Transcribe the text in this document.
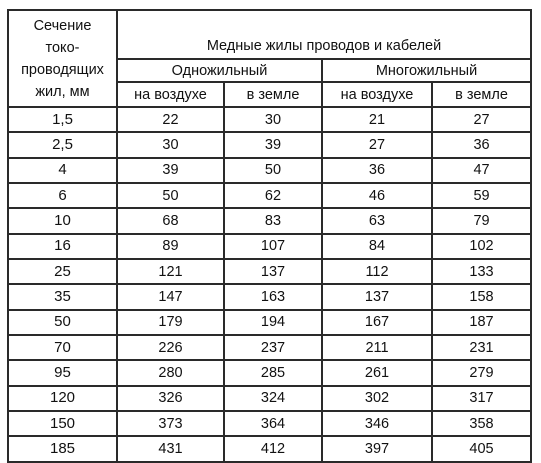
Сечение
токо-
проводящих
жил, мм	Медные жилы проводов и кабелей			
	Одножильный		Многожильный	
	на воздухе	в земле	на воздухе	в земле
1,5	22	30	21	27
2,5	30	39	27	36
4	39	50	36	47
6	50	62	46	59
10	68	83	63	79
16	89	107	84	102
25	121	137	112	133
35	147	163	137	158
50	179	194	167	187
70	226	237	211	231
95	280	285	261	279
120	326	324	302	317
150	373	364	346	358
185	431	412	397	405
